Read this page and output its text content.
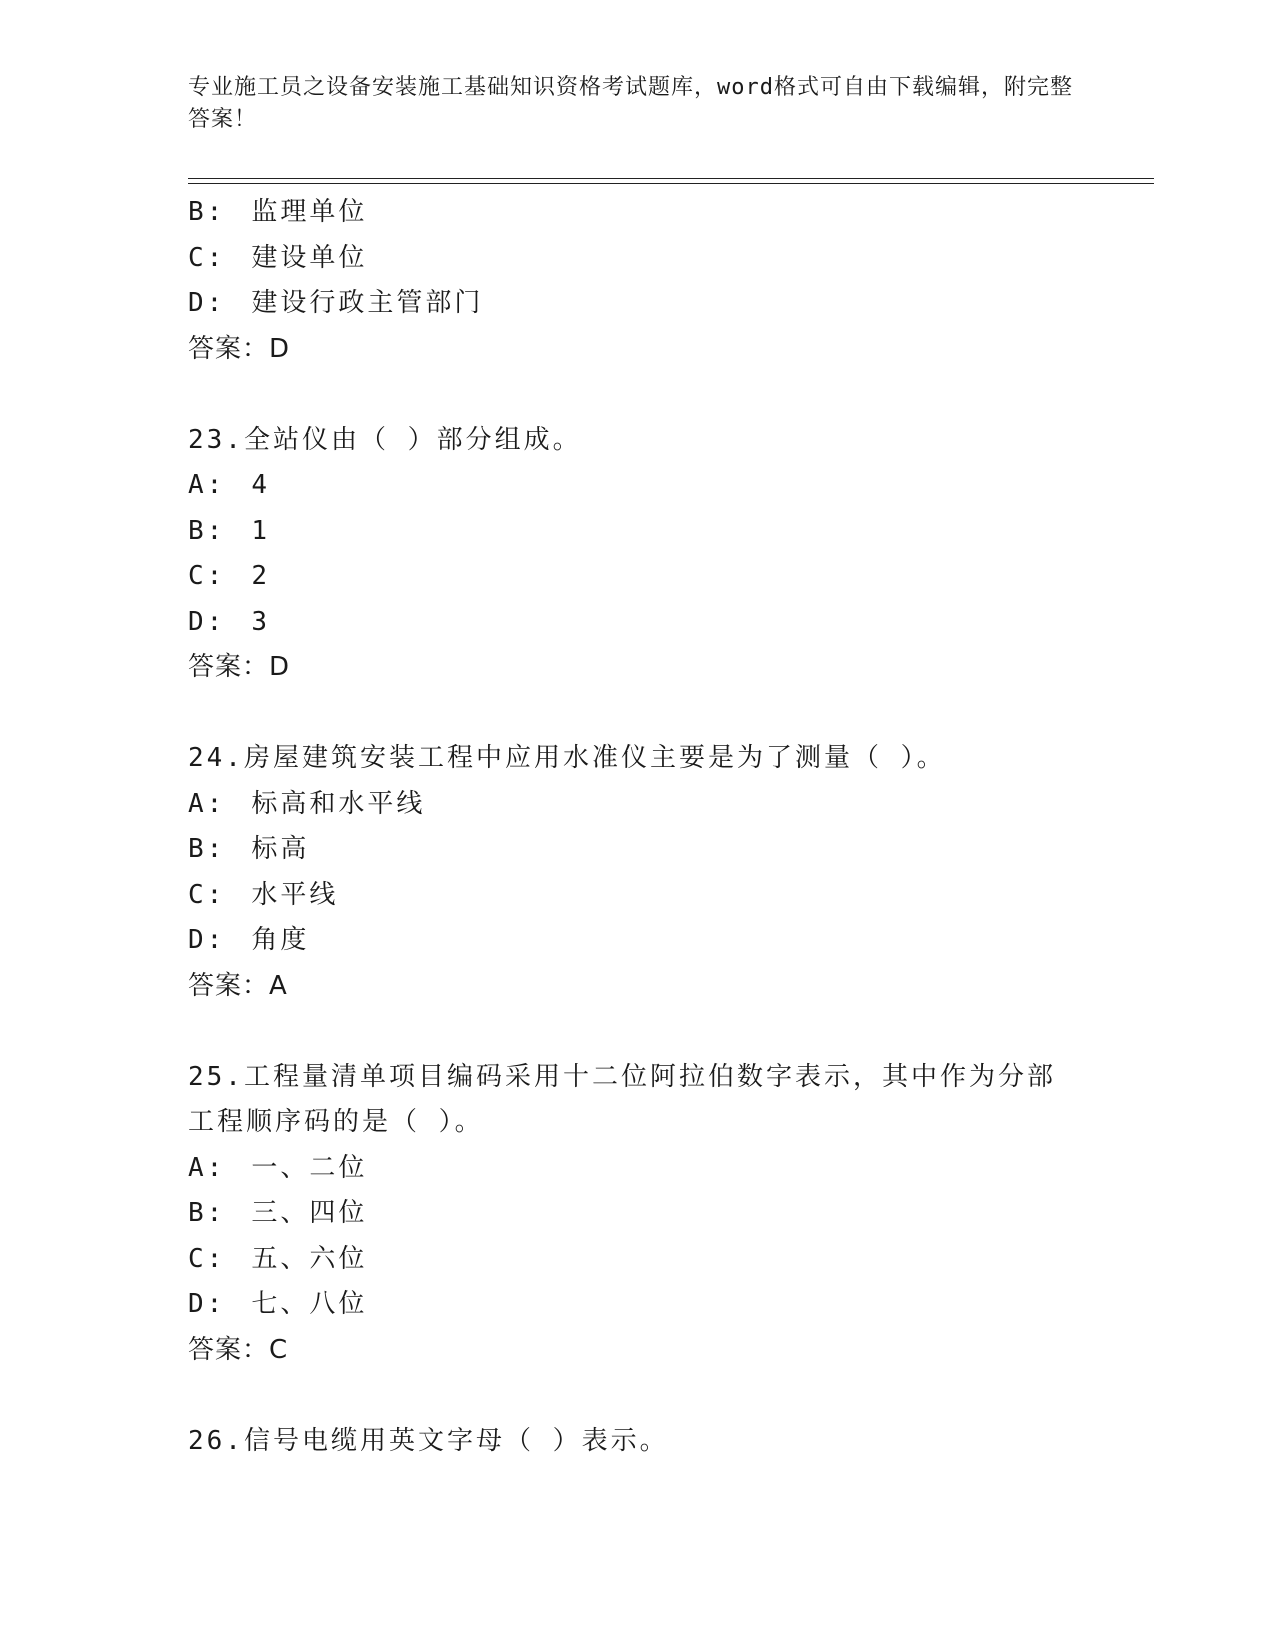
专业施工员之设备安装施工基础知识资格考试题库，word格式可自由下载编辑，附完整答案！
B: 监理单位
C: 建设单位
D: 建设行政主管部门
答案：D
23.全站仪由（ ）部分组成。
A: 4
B: 1
C: 2
D: 3
答案：D
24.房屋建筑安装工程中应用水准仪主要是为了测量（ ）。
A: 标高和水平线
B: 标高
C: 水平线
D: 角度
答案：A
25.工程量清单项目编码采用十二位阿拉伯数字表示，其中作为分部工程顺序码的是（ ）。
A: 一、二位
B: 三、四位
C: 五、六位
D: 七、八位
答案：C
26.信号电缆用英文字母（ ）表示。
